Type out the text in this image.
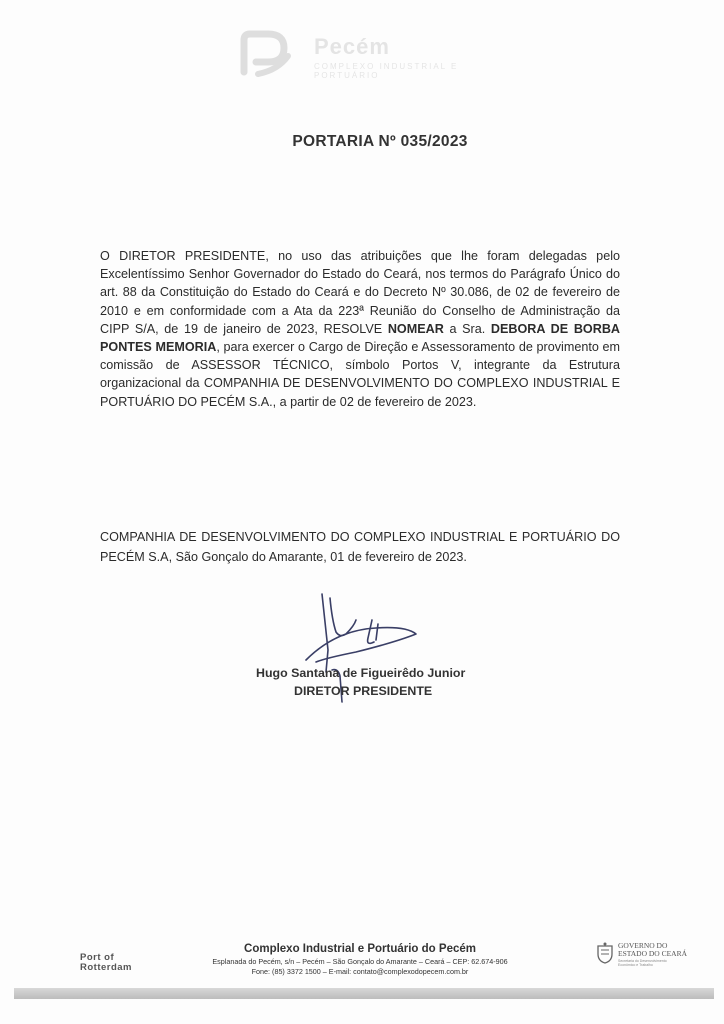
Pecém
COMPLEXO INDUSTRIAL E PORTUÁRIO
PORTARIA Nº 035/2023
O DIRETOR PRESIDENTE, no uso das atribuições que lhe foram delegadas pelo Excelentíssimo Senhor Governador do Estado do Ceará, nos termos do Parágrafo Único do art. 88 da Constituição do Estado do Ceará e do Decreto Nº 30.086, de 02 de fevereiro de 2010 e em conformidade com a Ata da 223ª Reunião do Conselho de Administração da CIPP S/A, de 19 de janeiro de 2023, RESOLVE NOMEAR a Sra. DEBORA DE BORBA PONTES MEMORIA, para exercer o Cargo de Direção e Assessoramento de provimento em comissão de ASSESSOR TÉCNICO, símbolo Portos V, integrante da Estrutura organizacional da COMPANHIA DE DESENVOLVIMENTO DO COMPLEXO INDUSTRIAL E PORTUÁRIO DO PECÉM S.A., a partir de 02 de fevereiro de 2023.
COMPANHIA DE DESENVOLVIMENTO DO COMPLEXO INDUSTRIAL E PORTUÁRIO DO PECÉM S.A, São Gonçalo do Amarante, 01 de fevereiro de 2023.
Hugo Santana de Figueirêdo Junior
DIRETOR PRESIDENTE
Port of
Rotterdam
Complexo Industrial e Portuário do Pecém
Esplanada do Pecém, s/n – Pecém – São Gonçalo do Amarante – Ceará – CEP: 62.674-906
Fone: (85) 3372 1500 – E-mail: contato@complexodopecem.com.br
GOVERNO DO
ESTADO DO CEARÁ
Secretaria do Desenvolvimento Econômico e Trabalho
